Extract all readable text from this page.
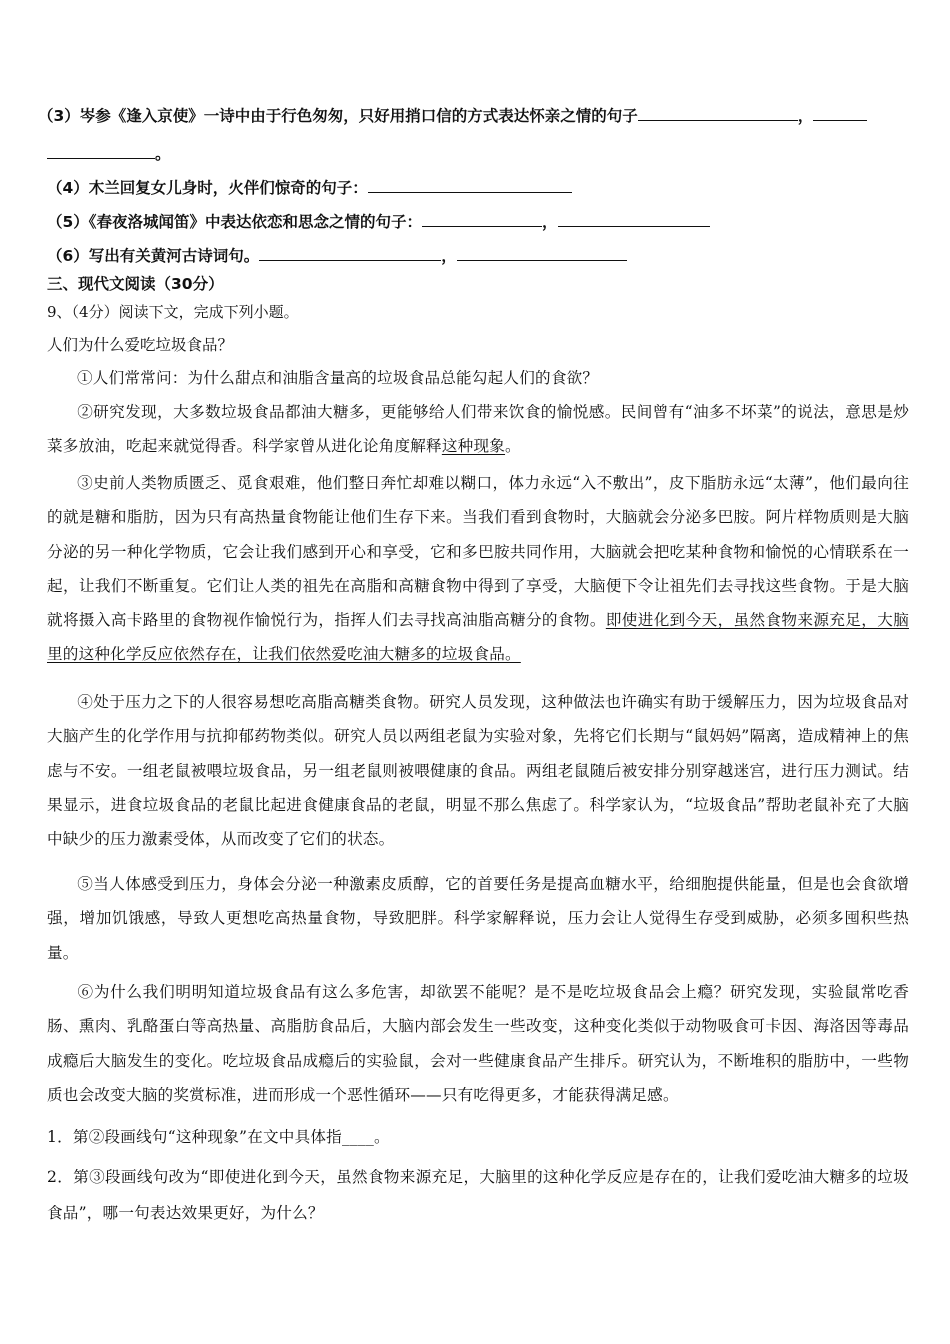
（3）岑参《逢入京使》一诗中由于行色匆匆，只好用捎口信的方式表达怀亲之情的句子	，
。
（4）木兰回复女儿身时，火伴们惊奇的句子：
（5）《春夜洛城闻笛》中表达依恋和思念之情的句子：	，
（6）写出有关黄河古诗词句。	，
三、现代文阅读（30分）
9、（4分）阅读下文，完成下列小题。
人们为什么爱吃垃圾食品？
①人们常常问：为什么甜点和油脂含量高的垃圾食品总能勾起人们的食欲？
②研究发现，大多数垃圾食品都油大糖多，更能够给人们带来饮食的愉悦感。民间曾有“油多不坏菜”的说法，意思是炒菜多放油，吃起来就觉得香。科学家曾从进化论角度解释这种现象。
③史前人类物质匮乏、觅食艰难，他们整日奔忙却难以糊口，体力永远“入不敷出”，皮下脂肪永远“太薄”，他们最向往的就是糖和脂肪，因为只有高热量食物能让他们生存下来。当我们看到食物时，大脑就会分泌多巴胺。阿片样物质则是大脑分泌的另一种化学物质，它会让我们感到开心和享受，它和多巴胺共同作用，大脑就会把吃某种食物和愉悦的心情联系在一起，让我们不断重复。它们让人类的祖先在高脂和高糖食物中得到了享受，大脑便下令让祖先们去寻找这些食物。于是大脑就将摄入高卡路里的食物视作愉悦行为，指挥人们去寻找高油脂高糖分的食物。即使进化到今天，虽然食物来源充足，大脑里的这种化学反应依然存在，让我们依然爱吃油大糖多的垃圾食品。
④处于压力之下的人很容易想吃高脂高糖类食物。研究人员发现，这种做法也许确实有助于缓解压力，因为垃圾食品对大脑产生的化学作用与抗抑郁药物类似。研究人员以两组老鼠为实验对象，先将它们长期与“鼠妈妈”隔离，造成精神上的焦虑与不安。一组老鼠被喂垃圾食品，另一组老鼠则被喂健康的食品。两组老鼠随后被安排分别穿越迷宫，进行压力测试。结果显示，进食垃圾食品的老鼠比起进食健康食品的老鼠，明显不那么焦虑了。科学家认为，“垃圾食品”帮助老鼠补充了大脑中缺少的压力激素受体，从而改变了它们的状态。
⑤当人体感受到压力，身体会分泌一种激素皮质醇，它的首要任务是提高血糖水平，给细胞提供能量，但是也会食欲增强，增加饥饿感，导致人更想吃高热量食物，导致肥胖。科学家解释说，压力会让人觉得生存受到威胁，必须多囤积些热量。
⑥为什么我们明明知道垃圾食品有这么多危害，却欲罢不能呢？是不是吃垃圾食品会上瘾？研究发现，实验鼠常吃香肠、熏肉、乳酪蛋白等高热量、高脂肪食品后，大脑内部会发生一些改变，这种变化类似于动物吸食可卡因、海洛因等毒品成瘾后大脑发生的变化。吃垃圾食品成瘾后的实验鼠，会对一些健康食品产生排斥。研究认为，不断堆积的脂肪中，一些物质也会改变大脑的奖赏标准，进而形成一个恶性循环——只有吃得更多，才能获得满足感。
1．第②段画线句“这种现象”在文中具体指____。
2．第③段画线句改为“即使进化到今天，虽然食物来源充足，大脑里的这种化学反应是存在的，让我们爱吃油大糖多的垃圾食品”，哪一句表达效果更好，为什么？
